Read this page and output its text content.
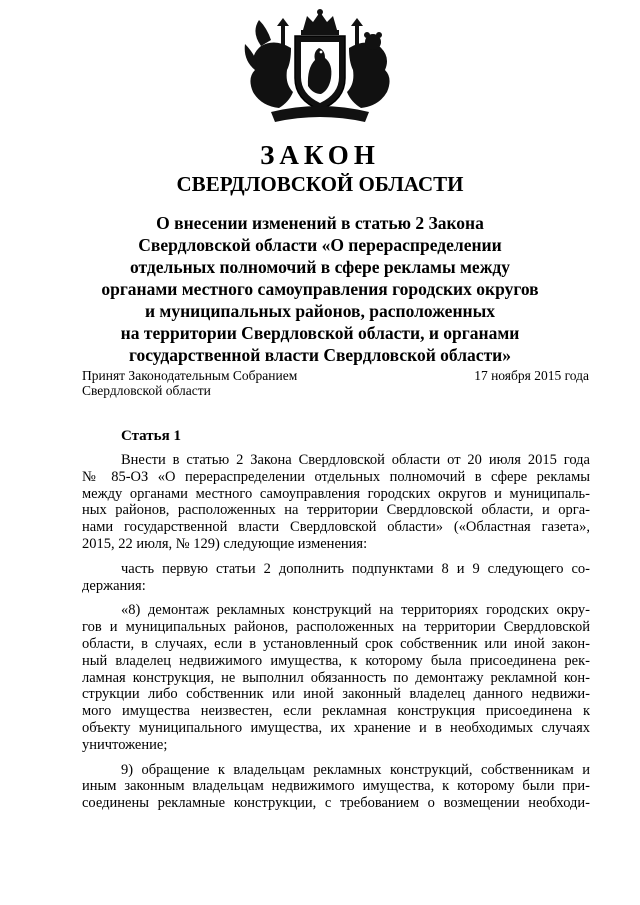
ЗАКОН
СВЕРДЛОВСКОЙ ОБЛАСТИ
О внесении изменений в статью 2 Закона
Свердловской области «О перераспределении
отдельных полномочий в сфере рекламы между
органами местного самоуправления городских округов
и муниципальных районов, расположенных
на территории Свердловской области, и органами
государственной власти Свердловской области»
Принят Законодательным Собранием
Свердловской области
17 ноября 2015 года
Статья 1
Внести в статью 2 Закона Свердловской области от 20 июля 2015 года
№ 85-ОЗ «О перераспределении отдельных полномочий в сфере рекламы
между органами местного самоуправления городских округов и муниципаль-
ных районов, расположенных на территории Свердловской области, и орга-
нами государственной власти Свердловской области» («Областная газета»,
2015, 22 июля, № 129) следующие изменения:
часть первую статьи 2 дополнить подпунктами 8 и 9 следующего со-
держания:
«8) демонтаж рекламных конструкций на территориях городских окру-
гов и муниципальных районов, расположенных на территории Свердловской
области, в случаях, если в установленный срок собственник или иной закон-
ный владелец недвижимого имущества, к которому была присоединена рек-
ламная конструкция, не выполнил обязанность по демонтажу рекламной кон-
струкции либо собственник или иной законный владелец данного недвижи-
мого имущества неизвестен, если рекламная конструкция присоединена к
объекту муниципального имущества, их хранение и в необходимых случаях
уничтожение;
9) обращение к владельцам рекламных конструкций, собственникам и
иным законным владельцам недвижимого имущества, к которому были при-
соединены рекламные конструкции, с требованием о возмещении необходи-
